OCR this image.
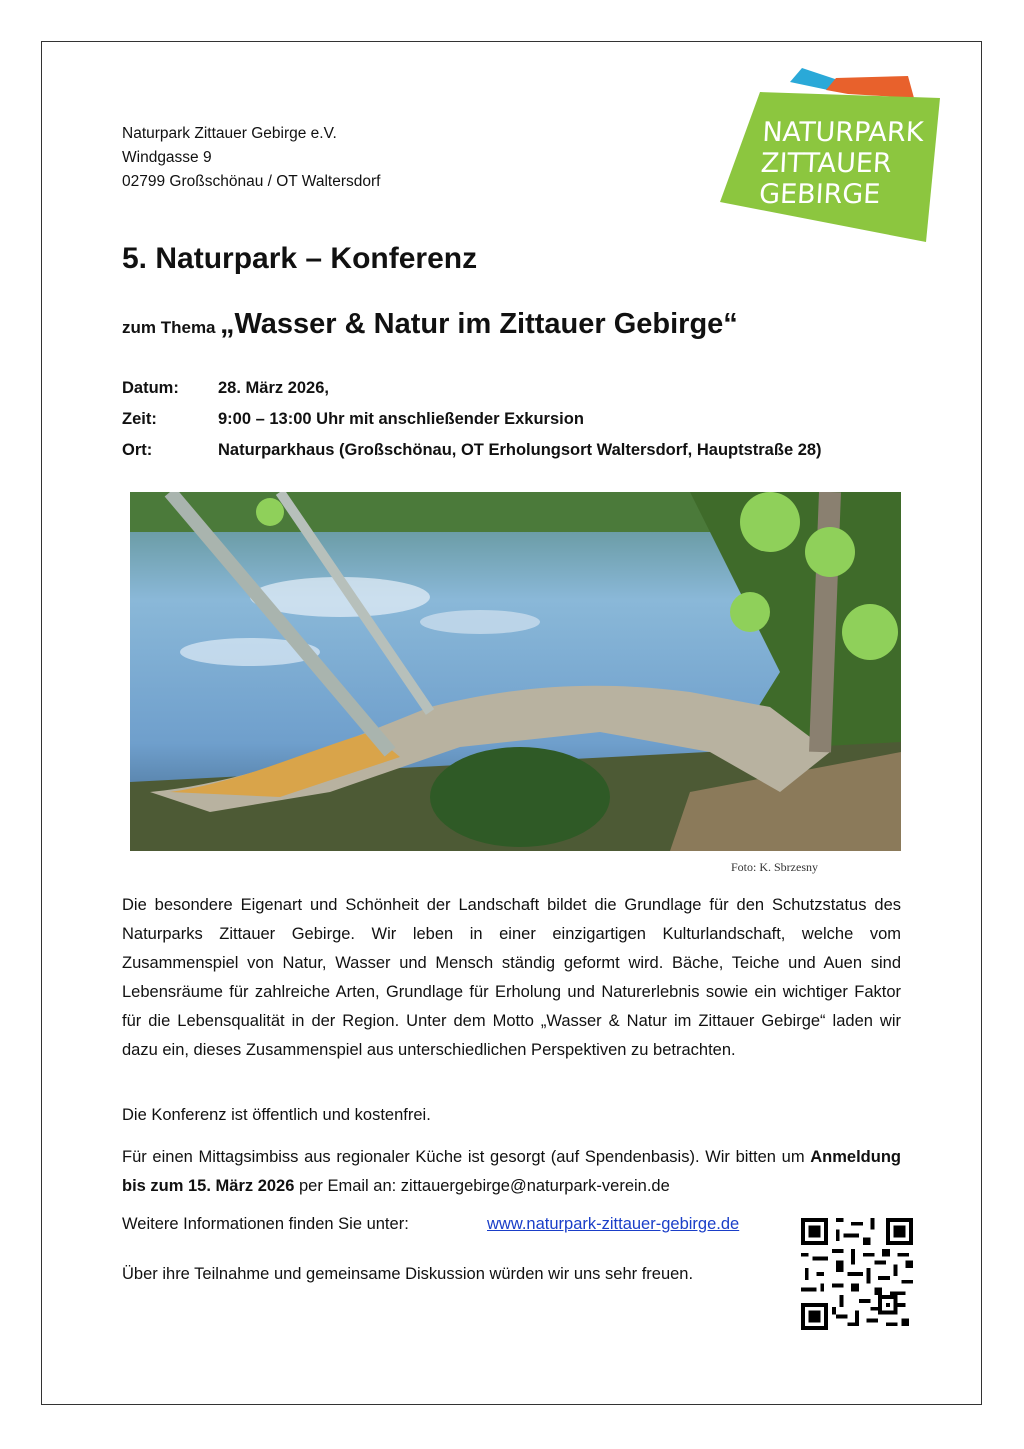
Naturpark Zittauer Gebirge e.V.
Windgasse 9
02799 Großschönau / OT Waltersdorf
NATURPARK
ZITTAUER
GEBIRGE
5. Naturpark – Konferenz
zum Thema „Wasser & Natur im Zittauer Gebirge“
Datum:	28. März 2026,
Zeit:	9:00 – 13:00 Uhr mit anschließender Exkursion
Ort:	Naturparkhaus (Großschönau, OT Erholungsort Waltersdorf, Hauptstraße 28)
Foto: K. Sbrzesny

Die besondere Eigenart und Schönheit der Landschaft bildet die Grundlage für den Schutzstatus des Naturparks Zittauer Gebirge. Wir leben in einer einzigartigen Kulturlandschaft, welche vom Zusammenspiel von Natur, Wasser und Mensch ständig geformt wird. Bäche, Teiche und Auen sind Lebensräume für zahlreiche Arten, Grundlage für Erholung und Naturerlebnis sowie ein wichtiger Faktor für die Lebensqualität in der Region. Unter dem Motto „Wasser & Natur im Zittauer Gebirge“ laden wir dazu ein, dieses Zusammenspiel aus unterschiedlichen Perspektiven zu betrachten.

Die Konferenz ist öffentlich und kostenfrei.

Für einen Mittagsimbiss aus regionaler Küche ist gesorgt (auf Spendenbasis). Wir bitten um Anmeldung bis zum 15. März 2026 per Email an: zittauergebirge@naturpark-verein.de

Weitere Informationen finden Sie unter:	www.naturpark-zittauer-gebirge.de

Über ihre Teilnahme und gemeinsame Diskussion würden wir uns sehr freuen.
